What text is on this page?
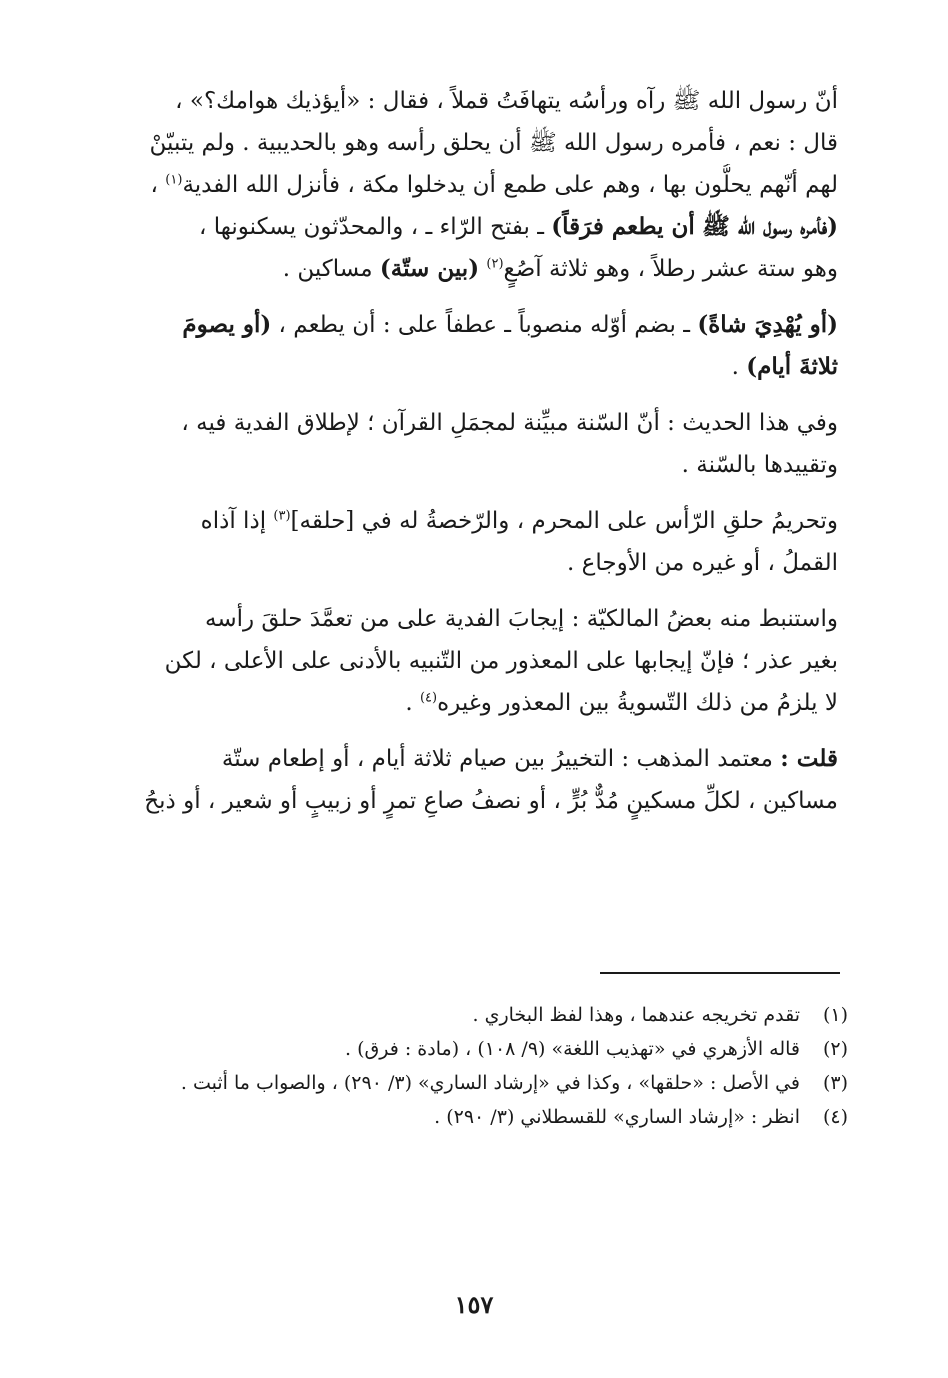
أنّ رسول الله ﷺ رآه ورأسُه يتهافَتُ قملاً ، فقال : «أيؤذيك هوامك؟» ،
قال : نعم ، فأمره رسول الله ﷺ أن يحلق رأسه وهو بالحديبية . ولم يتبيّنْ
لهم أنّهم يحلُّون بها ، وهم على طمع أن يدخلوا مكة ، فأنزل الله الفدية$^{(١)}$ ،
(فأمره رسول الله ﷺ أن يطعم فرَقاً) ـ بفتح الرّاء ـ ، والمحدّثون يسكنونها ،
وهو ستة عشر رطلاً ، وهو ثلاثة آصُعٍ$^{(٢)}$ (بين ستّة) مساكين .

(أو يُهْدِيَ شاةً) ـ بضم أوّله منصوباً ـ عطفاً على : أن يطعم ، (أو يصومَ
ثلاثةَ أيام) .

وفي هذا الحديث : أنّ السّنة مبيِّنة لمجمَلِ القرآن ؛ لإطلاق الفدية فيه ،
وتقييدها بالسّنة .

وتحريمُ حلقِ الرّأس على المحرم ، والرّخصةُ له في [حلقه]$^{(٣)}$ إذا آذاه
القملُ ، أو غيره من الأوجاع .

واستنبط منه بعضُ المالكيّة : إيجابَ الفدية على من تعمَّدَ حلقَ رأسه
بغير عذر ؛ فإنّ إيجابها على المعذور من التّنبيه بالأدنى على الأعلى ، لكن
لا يلزمُ من ذلك التّسويةُ بين المعذور وغيره$^{(٤)}$ .

قلت : معتمد المذهب : التخييرُ بين صيام ثلاثة أيام ، أو إطعام ستّة
مساكين ، لكلِّ مسكينٍ مُدٌّ بُرٍّ ، أو نصفُ صاعِ تمرٍ أو زبيبٍ أو شعير ، أو ذبحُ

(١)
تقدم تخريجه عندهما ، وهذا لفظ البخاري .
(٢)
قاله الأزهري في «تهذيب اللغة» (٩/ ١٠٨) ، (مادة : فرق) .
(٣)
في الأصل : «حلقها» ، وكذا في «إرشاد الساري» (٣/ ٢٩٠) ، والصواب ما أثبت .
(٤)
انظر : «إرشاد الساري» للقسطلاني (٣/ ٢٩٠) .
١٥٧
